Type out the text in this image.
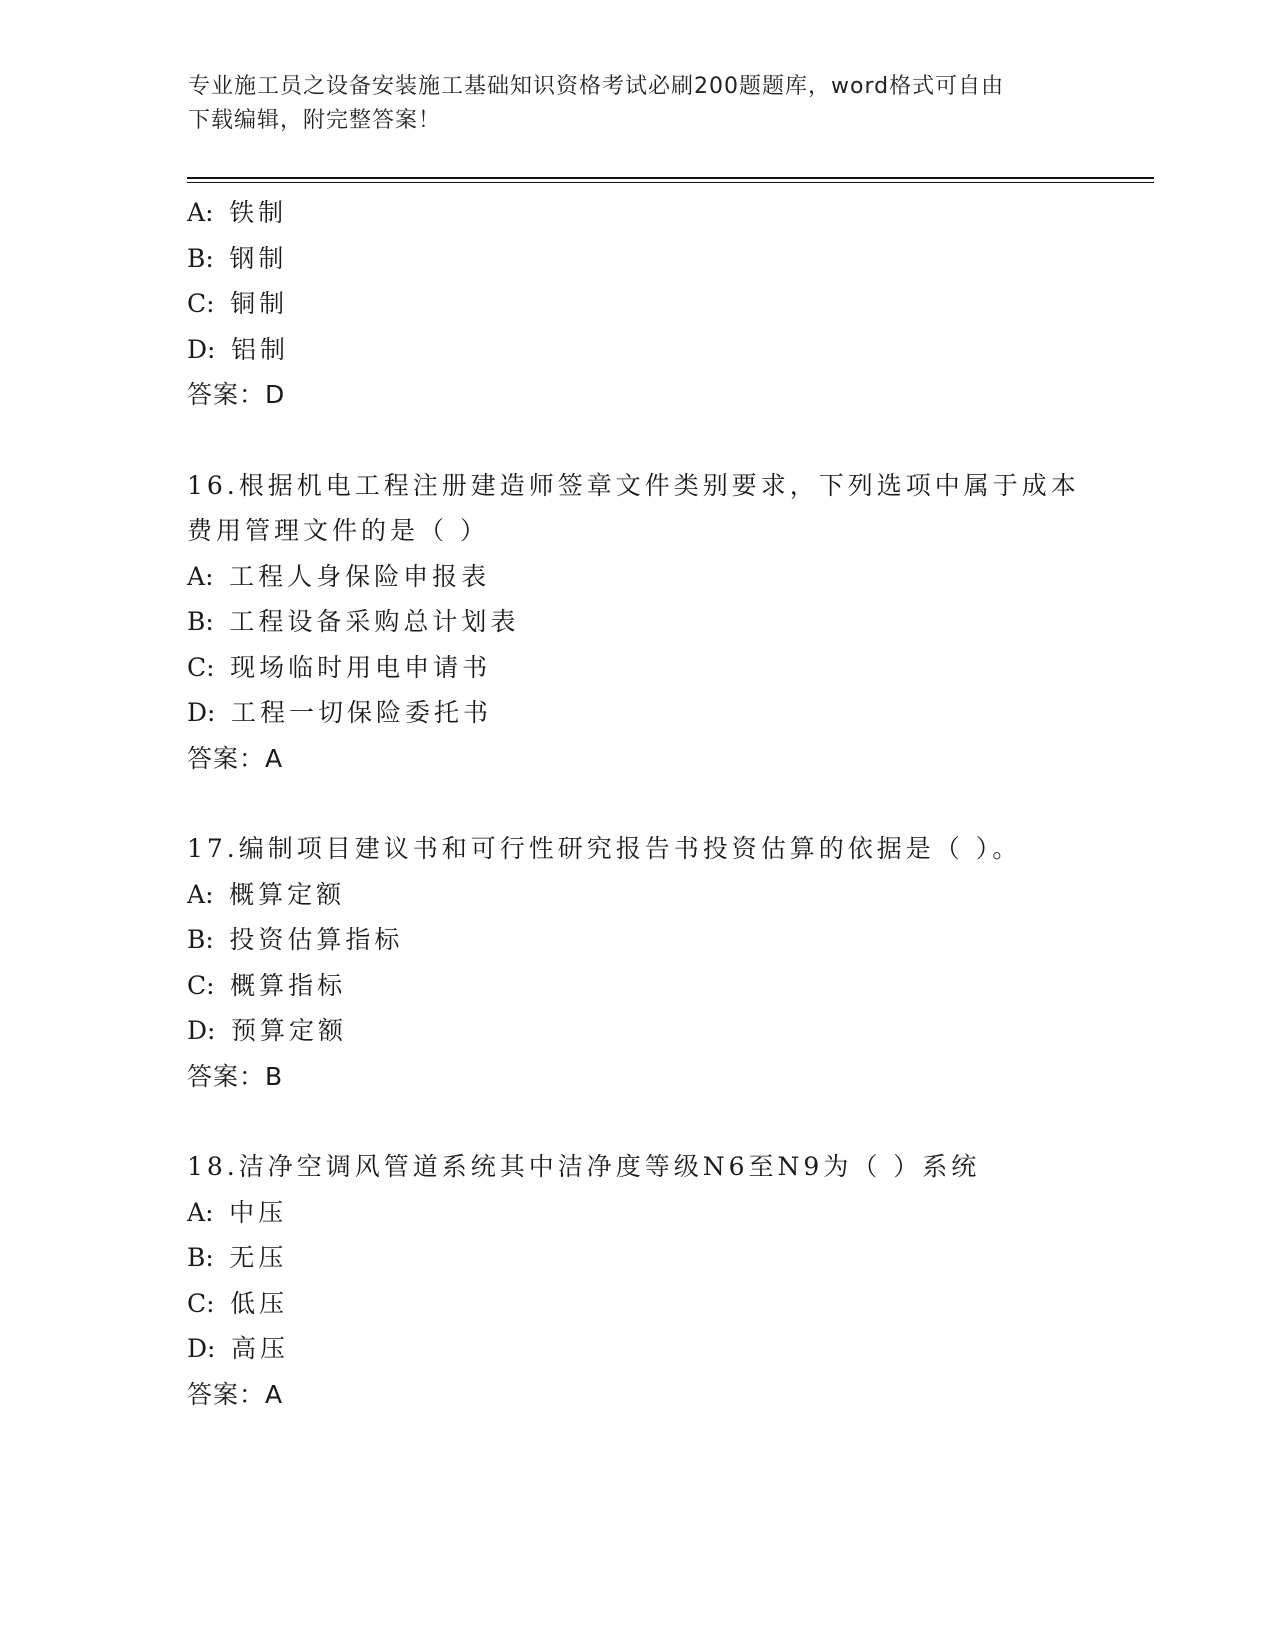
专业施工员之设备安装施工基础知识资格考试必刷200题题库，word格式可自由
下载编辑，附完整答案！
A: 铁制
B: 钢制
C: 铜制
D: 铝制
答案：D
16.根据机电工程注册建造师签章文件类别要求，下列选项中属于成本
费用管理文件的是（ ）
A: 工程人身保险申报表
B: 工程设备采购总计划表
C: 现场临时用电申请书
D: 工程一切保险委托书
答案：A
17.编制项目建议书和可行性研究报告书投资估算的依据是（ ）。
A: 概算定额
B: 投资估算指标
C: 概算指标
D: 预算定额
答案：B
18.洁净空调风管道系统其中洁净度等级N6至N9为（ ）系统
A: 中压
B: 无压
C: 低压
D: 高压
答案：A
